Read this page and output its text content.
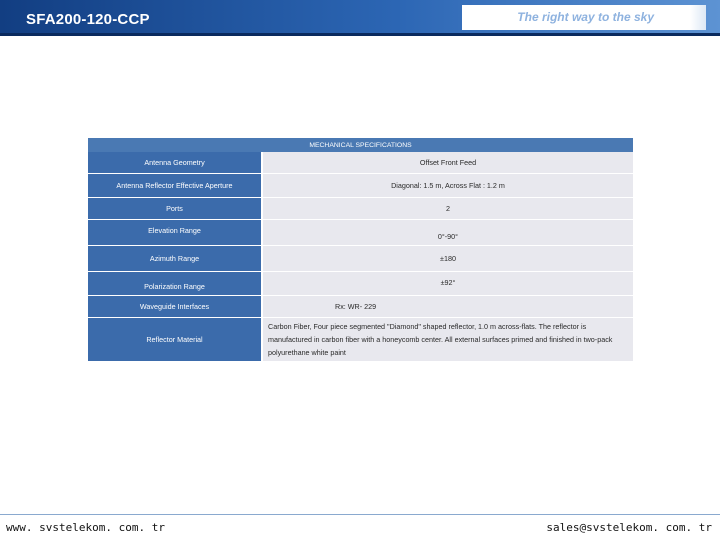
SFA200-120-CCP	The right way to the sky
MECHANICAL SPECIFICATIONS	
Antenna Geometry	Offset Front Feed
Antenna Reflector Effective Aperture	Diagonal: 1.5 m, Across Flat : 1.2 m
Ports	2
Elevation Range	0°-90°
Azimuth Range	±180
Polarization Range	±92°
Waveguide Interfaces	Rx: WR- 229
Reflector Material	Carbon Fiber, Four piece segmented "Diamond" shaped reflector, 1.0 m across-flats. The reflector is manufactured in carbon fiber with a honeycomb center. All external surfaces primed and finished in two-pack polyurethane white paint
www. svstelekom. com. tr	sales@svstelekom. com. tr
